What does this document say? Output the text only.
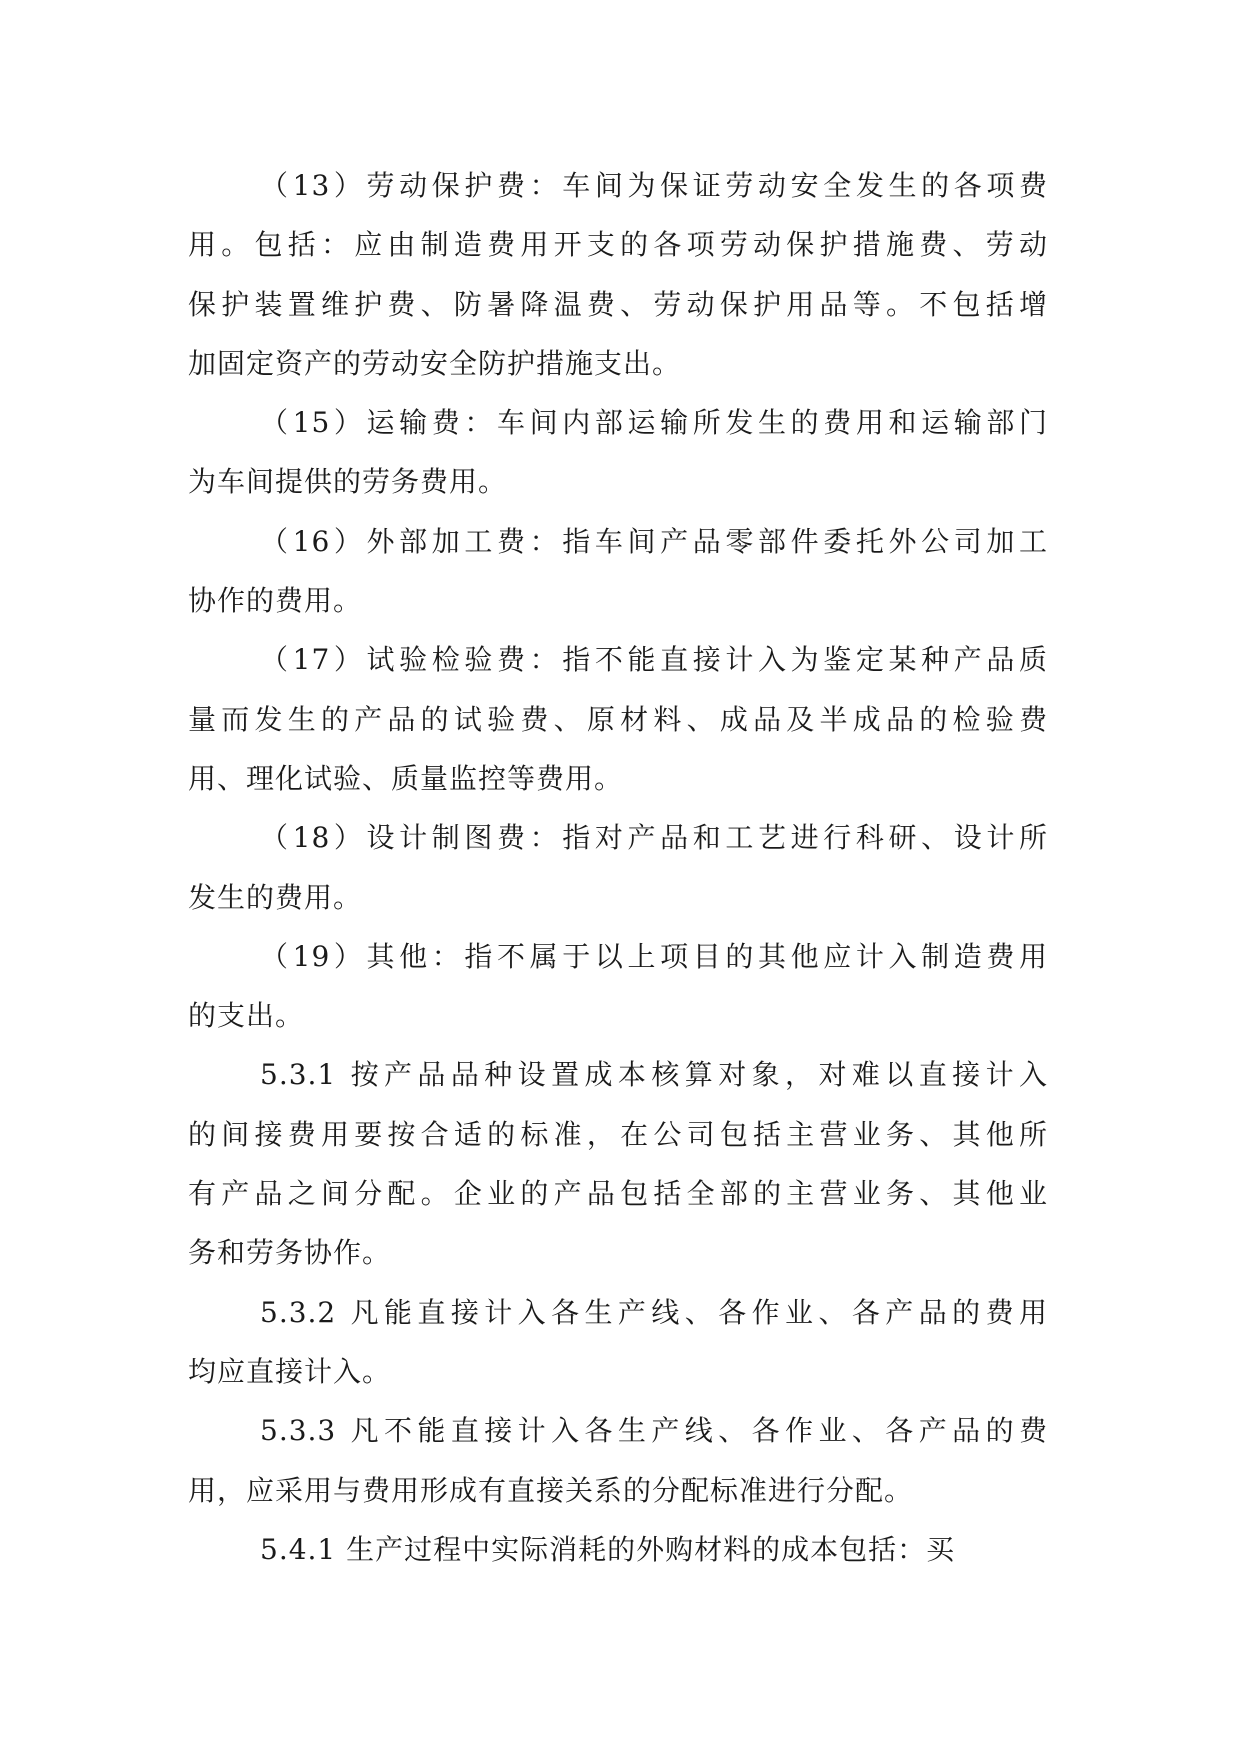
（13）劳动保护费：车间为保证劳动安全发生的各项费
用。包括：应由制造费用开支的各项劳动保护措施费、劳动
保护装置维护费、防暑降温费、劳动保护用品等。不包括增
加固定资产的劳动安全防护措施支出。
（15）运输费：车间内部运输所发生的费用和运输部门
为车间提供的劳务费用。
（16）外部加工费：指车间产品零部件委托外公司加工
协作的费用。
（17）试验检验费：指不能直接计入为鉴定某种产品质
量而发生的产品的试验费、原材料、成品及半成品的检验费
用、理化试验、质量监控等费用。
（18）设计制图费：指对产品和工艺进行科研、设计所
发生的费用。
（19）其他：指不属于以上项目的其他应计入制造费用
的支出。
5.3.1 按产品品种设置成本核算对象，对难以直接计入
的间接费用要按合适的标准，在公司包括主营业务、其他所
有产品之间分配。企业的产品包括全部的主营业务、其他业
务和劳务协作。
5.3.2 凡能直接计入各生产线、各作业、各产品的费用
均应直接计入。
5.3.3 凡不能直接计入各生产线、各作业、各产品的费
用，应采用与费用形成有直接关系的分配标准进行分配。
5.4.1 生产过程中实际消耗的外购材料的成本包括：买
